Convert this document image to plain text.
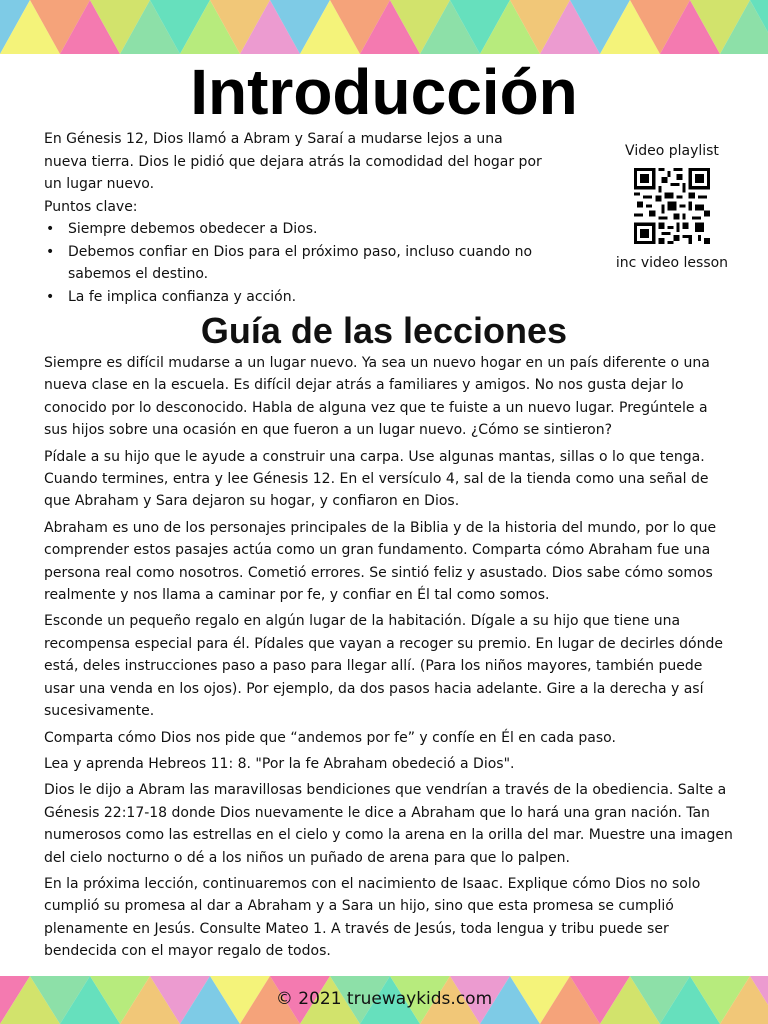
Introducción

En Génesis 12, Dios llamó a Abram y Saraí a mudarse lejos a una nueva tierra. Dios le pidió que dejara atrás la comodidad del hogar por un lugar nuevo.

Puntos clave:

• Siempre debemos obedecer a Dios.
• Debemos confiar en Dios para el próximo paso, incluso cuando no sabemos el destino.
• La fe implica confianza y acción.
Video playlist
inc video lesson
Guía de las lecciones

Siempre es difícil mudarse a un lugar nuevo. Ya sea un nuevo hogar en un país diferente o una nueva clase en la escuela. Es difícil dejar atrás a familiares y amigos. No nos gusta dejar lo conocido por lo desconocido. Habla de alguna vez que te fuiste a un nuevo lugar. Pregúntele a sus hijos sobre una ocasión en que fueron a un lugar nuevo. ¿Cómo se sintieron?

Pídale a su hijo que le ayude a construir una carpa. Use algunas mantas, sillas o lo que tenga. Cuando termines, entra y lee Génesis 12. En el versículo 4, sal de la tienda como una señal de que Abraham y Sara dejaron su hogar, y confiaron en Dios.

Abraham es uno de los personajes principales de la Biblia y de la historia del mundo, por lo que comprender estos pasajes actúa como un gran fundamento. Comparta cómo Abraham fue una persona real como nosotros. Cometió errores. Se sintió feliz y asustado. Dios sabe cómo somos realmente y nos llama a caminar por fe, y confiar en Él tal como somos.

Esconde un pequeño regalo en algún lugar de la habitación. Dígale a su hijo que tiene una recompensa especial para él. Pídales que vayan a recoger su premio. En lugar de decirles dónde está, deles instrucciones paso a paso para llegar allí. (Para los niños mayores, también puede usar una venda en los ojos). Por ejemplo, da dos pasos hacia adelante. Gire a la derecha y así sucesivamente.

Comparta cómo Dios nos pide que “andemos por fe” y confíe en Él en cada paso.

Lea y aprenda Hebreos 11: 8. "Por la fe Abraham obedeció a Dios".

Dios le dijo a Abram las maravillosas bendiciones que vendrían a través de la obediencia. Salte a Génesis 22:17-18 donde Dios nuevamente le dice a Abraham que lo hará una gran nación. Tan numerosos como las estrellas en el cielo y como la arena en la orilla del mar. Muestre una imagen del cielo nocturno o dé a los niños un puñado de arena para que lo palpen.

En la próxima lección, continuaremos con el nacimiento de Isaac. Explique cómo Dios no solo cumplió su promesa al dar a Abraham y a Sara un hijo, sino que esta promesa se cumplió plenamente en Jesús. Consulte Mateo 1. A través de Jesús, toda lengua y tribu puede ser bendecida con el mayor regalo de todos.

© 2021 truewaykids.com
